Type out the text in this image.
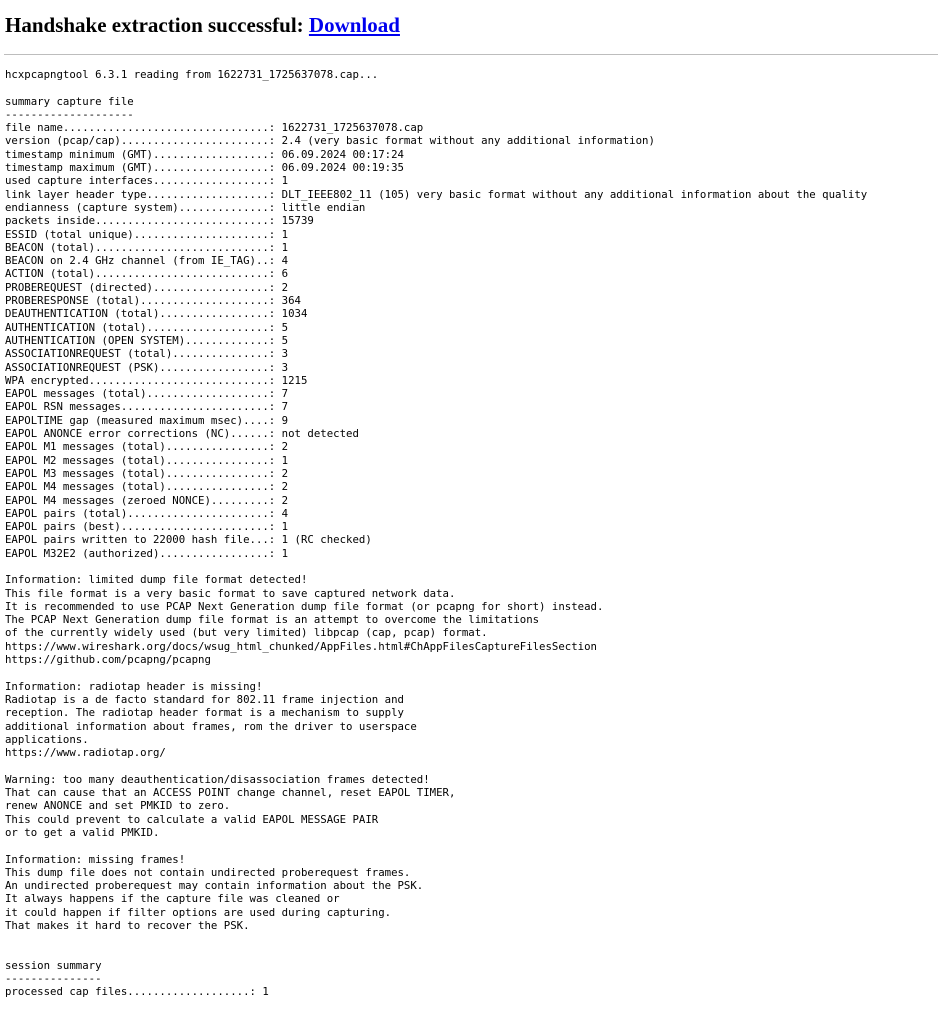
Handshake extraction successful: Download
hcxpcapngtool 6.3.1 reading from 1622731_1725637078.cap...

summary capture file
--------------------
file name................................: 1622731_1725637078.cap
version (pcap/cap).......................: 2.4 (very basic format without any additional information)
timestamp minimum (GMT)..................: 06.09.2024 00:17:24
timestamp maximum (GMT)..................: 06.09.2024 00:19:35
used capture interfaces..................: 1
link layer header type...................: DLT_IEEE802_11 (105) very basic format without any additional information about the quality
endianness (capture system)..............: little endian
packets inside...........................: 15739
ESSID (total unique).....................: 1
BEACON (total)...........................: 1
BEACON on 2.4 GHz channel (from IE_TAG)..: 4
ACTION (total)...........................: 6
PROBEREQUEST (directed)..................: 2
PROBERESPONSE (total)....................: 364
DEAUTHENTICATION (total).................: 1034
AUTHENTICATION (total)...................: 5
AUTHENTICATION (OPEN SYSTEM).............: 5
ASSOCIATIONREQUEST (total)...............: 3
ASSOCIATIONREQUEST (PSK).................: 3
WPA encrypted............................: 1215
EAPOL messages (total)...................: 7
EAPOL RSN messages.......................: 7
EAPOLTIME gap (measured maximum msec)....: 9
EAPOL ANONCE error corrections (NC)......: not detected
EAPOL M1 messages (total)................: 2
EAPOL M2 messages (total)................: 1
EAPOL M3 messages (total)................: 2
EAPOL M4 messages (total)................: 2
EAPOL M4 messages (zeroed NONCE).........: 2
EAPOL pairs (total)......................: 4
EAPOL pairs (best).......................: 1
EAPOL pairs written to 22000 hash file...: 1 (RC checked)
EAPOL M32E2 (authorized).................: 1

Information: limited dump file format detected!
This file format is a very basic format to save captured network data.
It is recommended to use PCAP Next Generation dump file format (or pcapng for short) instead.
The PCAP Next Generation dump file format is an attempt to overcome the limitations
of the currently widely used (but very limited) libpcap (cap, pcap) format.
https://www.wireshark.org/docs/wsug_html_chunked/AppFiles.html#ChAppFilesCaptureFilesSection
https://github.com/pcapng/pcapng

Information: radiotap header is missing!
Radiotap is a de facto standard for 802.11 frame injection and
reception. The radiotap header format is a mechanism to supply
additional information about frames, rom the driver to userspace
applications.
https://www.radiotap.org/

Warning: too many deauthentication/disassociation frames detected!
That can cause that an ACCESS POINT change channel, reset EAPOL TIMER,
renew ANONCE and set PMKID to zero.
This could prevent to calculate a valid EAPOL MESSAGE PAIR
or to get a valid PMKID.

Information: missing frames!
This dump file does not contain undirected proberequest frames.
An undirected proberequest may contain information about the PSK.
It always happens if the capture file was cleaned or
it could happen if filter options are used during capturing.
That makes it hard to recover the PSK.

session summary
---------------
processed cap files...................: 1
